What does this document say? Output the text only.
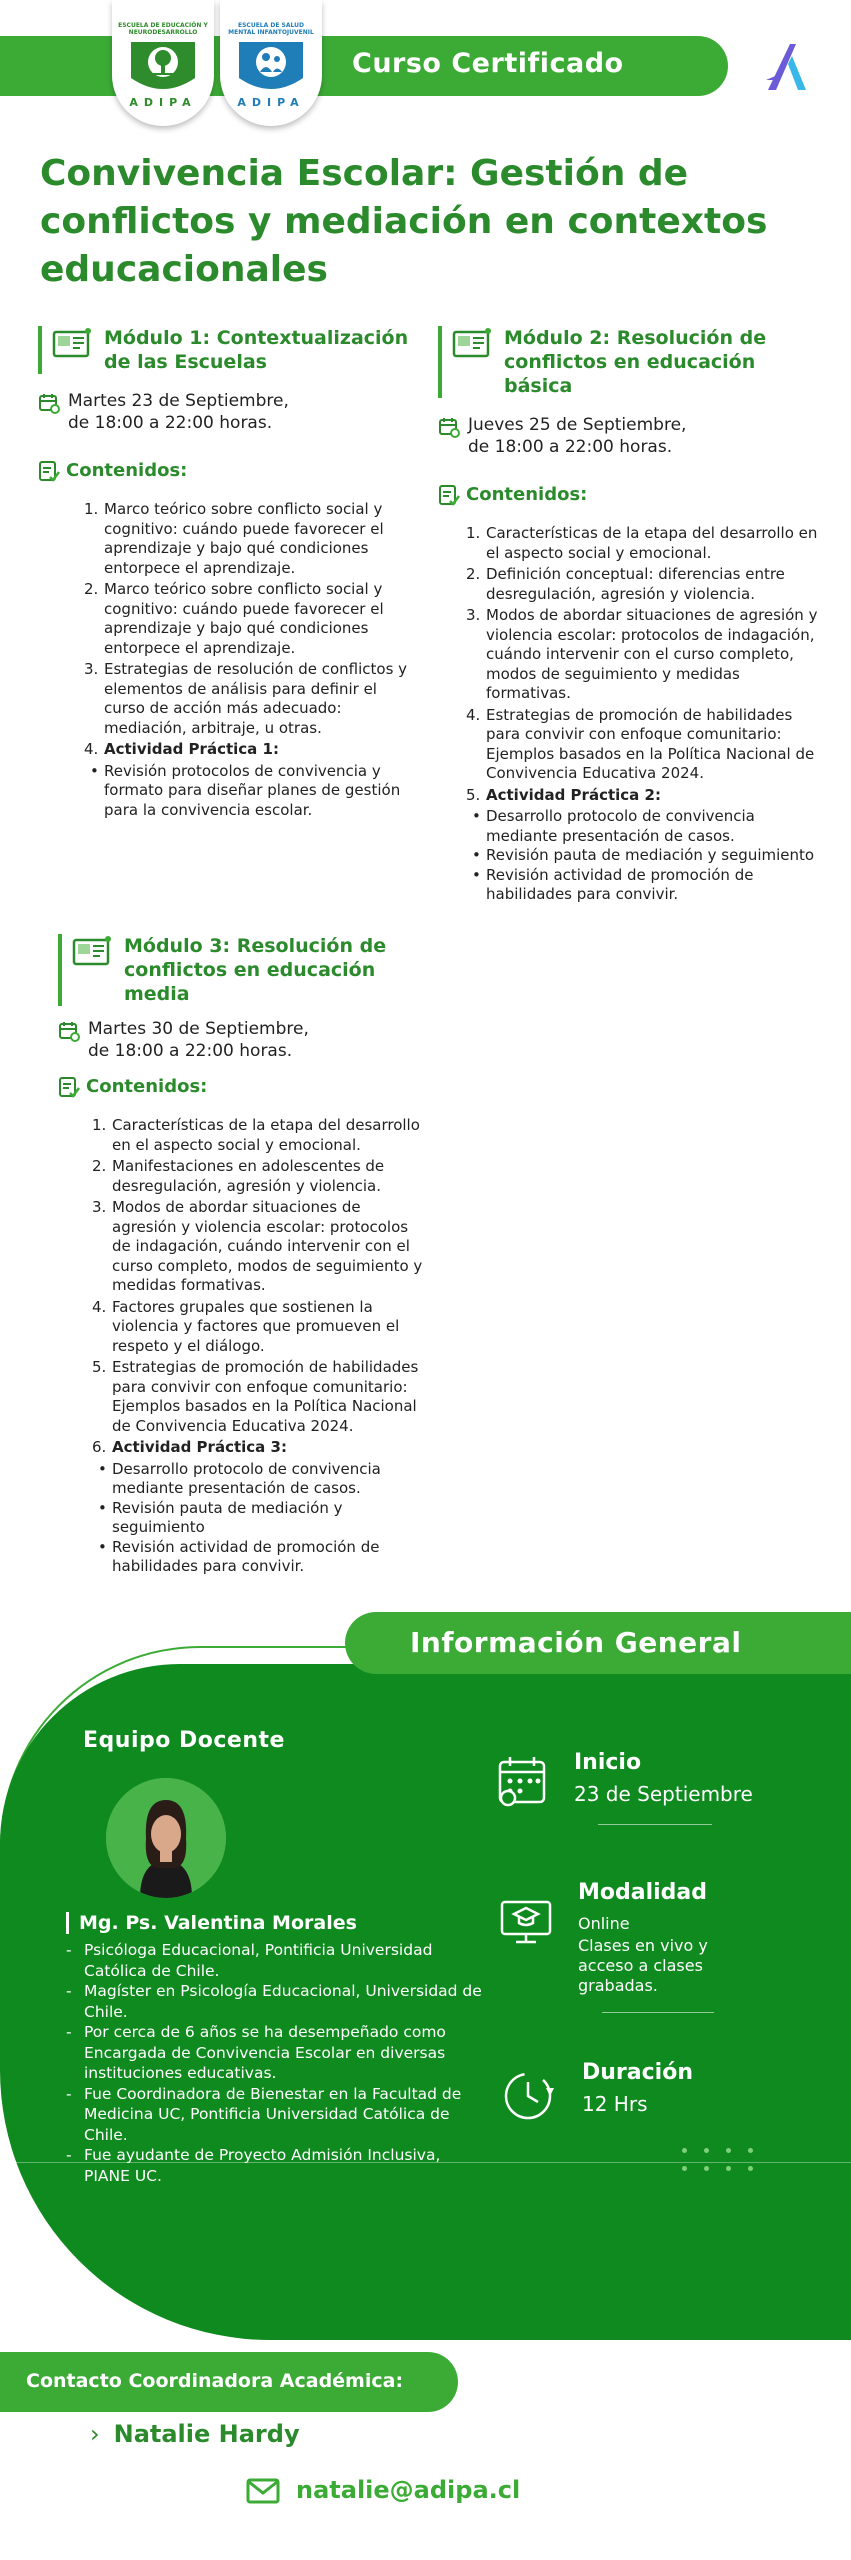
Curso Certificado
ESCUELA DE EDUCACIÓN Y NEURODESARROLLO
ADIPA
ESCUELA DE SALUD MENTAL INFANTOJUVENIL
ADIPA
Convivencia Escolar: Gestión de conflictos y mediación en contextos educacionales
Módulo 1: Contextualización de las Escuelas
Martes 23 de Septiembre,
de 18:00 a 22:00 horas.
Contenidos:
1. Marco teórico sobre conflicto social y cognitivo: cuándo puede favorecer el aprendizaje y bajo qué condiciones entorpece el aprendizaje.
2. Marco teórico sobre conflicto social y cognitivo: cuándo puede favorecer el aprendizaje y bajo qué condiciones entorpece el aprendizaje.
3. Estrategias de resolución de conflictos y elementos de análisis para definir el curso de acción más adecuado: mediación, arbitraje, u otras.
4. Actividad Práctica 1:
• Revisión protocolos de convivencia y formato para diseñar planes de gestión para la convivencia escolar.
Módulo 2: Resolución de conflictos en educación básica
Jueves 25 de Septiembre,
de 18:00 a 22:00 horas.
Contenidos:
1. Características de la etapa del desarrollo en el aspecto social y emocional.
2. Definición conceptual: diferencias entre desregulación, agresión y violencia.
3. Modos de abordar situaciones de agresión y violencia escolar: protocolos de indagación, cuándo intervenir con el curso completo, modos de seguimiento y medidas formativas.
4. Estrategias de promoción de habilidades para convivir con enfoque comunitario: Ejemplos basados en la Política Nacional de Convivencia Educativa 2024.
5. Actividad Práctica 2:
• Desarrollo protocolo de convivencia mediante presentación de casos.
• Revisión pauta de mediación y seguimiento
• Revisión actividad de promoción de habilidades para convivir.
Módulo 3: Resolución de conflictos en educación media
Martes 30 de Septiembre,
de 18:00 a 22:00 horas.
Contenidos:
1. Características de la etapa del desarrollo en el aspecto social y emocional.
2. Manifestaciones en adolescentes de desregulación, agresión y violencia.
3. Modos de abordar situaciones de agresión y violencia escolar: protocolos de indagación, cuándo intervenir con el curso completo, modos de seguimiento y medidas formativas.
4. Factores grupales que sostienen la violencia y factores que promueven el respeto y el diálogo.
5. Estrategias de promoción de habilidades para convivir con enfoque comunitario: Ejemplos basados en la Política Nacional de Convivencia Educativa 2024.
6. Actividad Práctica 3:
• Desarrollo protocolo de convivencia mediante presentación de casos.
• Revisión pauta de mediación y seguimiento
• Revisión actividad de promoción de habilidades para convivir.
Información General
Equipo Docente
Mg. Ps. Valentina Morales
- Psicóloga Educacional, Pontificia Universidad Católica de Chile.
- Magíster en Psicología Educacional, Universidad de Chile.
- Por cerca de 6 años se ha desempeñado como Encargada de Convivencia Escolar en diversas instituciones educativas.
- Fue Coordinadora de Bienestar en la Facultad de Medicina UC, Pontificia Universidad Católica de Chile.
- Fue ayudante de Proyecto Admisión Inclusiva, PIANE UC.
Inicio
23 de Septiembre
Modalidad
Online
Clases en vivo y acceso a clases grabadas.
Duración
12 Hrs
Contacto Coordinadora Académica:
› Natalie Hardy
natalie@adipa.cl
